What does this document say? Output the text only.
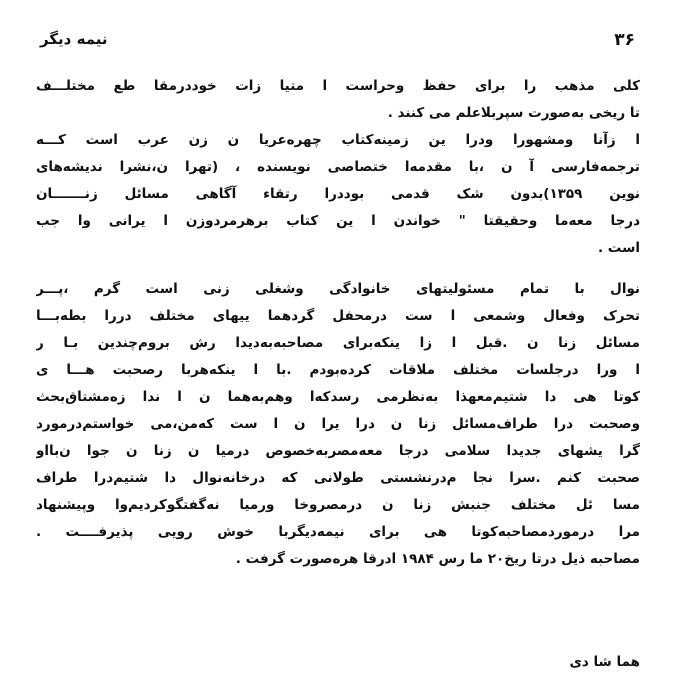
۳۶
نیمه دیگر
کلی مذهب را برای حفظ وحراست ا متیا زات خوددرمقا طع مختلـــف
تا ریخی به‌صورت سپربلاعلم می کنند .
ا زآنا ومشهورا ودرا ین زمینه‌کتاب چهره‌عریا ن زن عرب است کـــه
ترجمه‌فارسی آ ن ،با مقدمه‌ا ختصاصی نویسنده ، (تهرا ن،نشرا ندیشه‌های
نوین ۱۳۵۹)بدون شک قدمی بوددرا رتقاء آگاهی مسائل زنـــــــان
درجا معه‌ما وحقیقتا " خواندن ا ین کتاب برهرمردوزن ا یرانی وا جب
است .
نوال با تمام مسئولیتهای خانوادگی وشغلی زنی است گرم ،پـــر
تحرک وفعال وشمعی ا ست درمحفل گردهما ییهای مختلف دررا بطه‌بـــا
مسائل زنا ن .قبل ا زا ینکه‌برای مصاحبه‌به‌دیدا رش بروم‌چندین بـا ر
ا ورا درجلسات مختلف ملاقات کرده‌بودم .با ا ینکه‌هربا رصحبت هـــا ی
کوتا هی دا شتیم‌معهذا به‌نظرمی رسدکه‌ا وهم‌به‌هما ن ا ندا زه‌مشتاق‌بحث
وصحبت درا طراف‌مسائل زنا ن درا یرا ن ا ست که‌من،می خواستم‌درمورد
گرا یشهای جدیدا سلامی درجا معه‌مصربه‌خصوص درمیا ن زنا ن جوا ن‌با‌او
صحبت کنم .سرا نجا م‌درنشستی طولانی که درخانه‌نوال دا شتیم‌درا طراف
مسا ئل مختلف جنبش زنا ن درمصروخا ورمیا نه‌گفتگوکردیم‌وا وپیشنهاد
مرا درموردمصاحبه‌کوتا هی برای نیمه‌دیگربا خوش رویی پذیرفــــت .
مصاحبه ذیل درتا ریخ۲۰ ما رس ۱۹۸۴ ادرقا هره‌صورت گرفت .
هما شا دی
